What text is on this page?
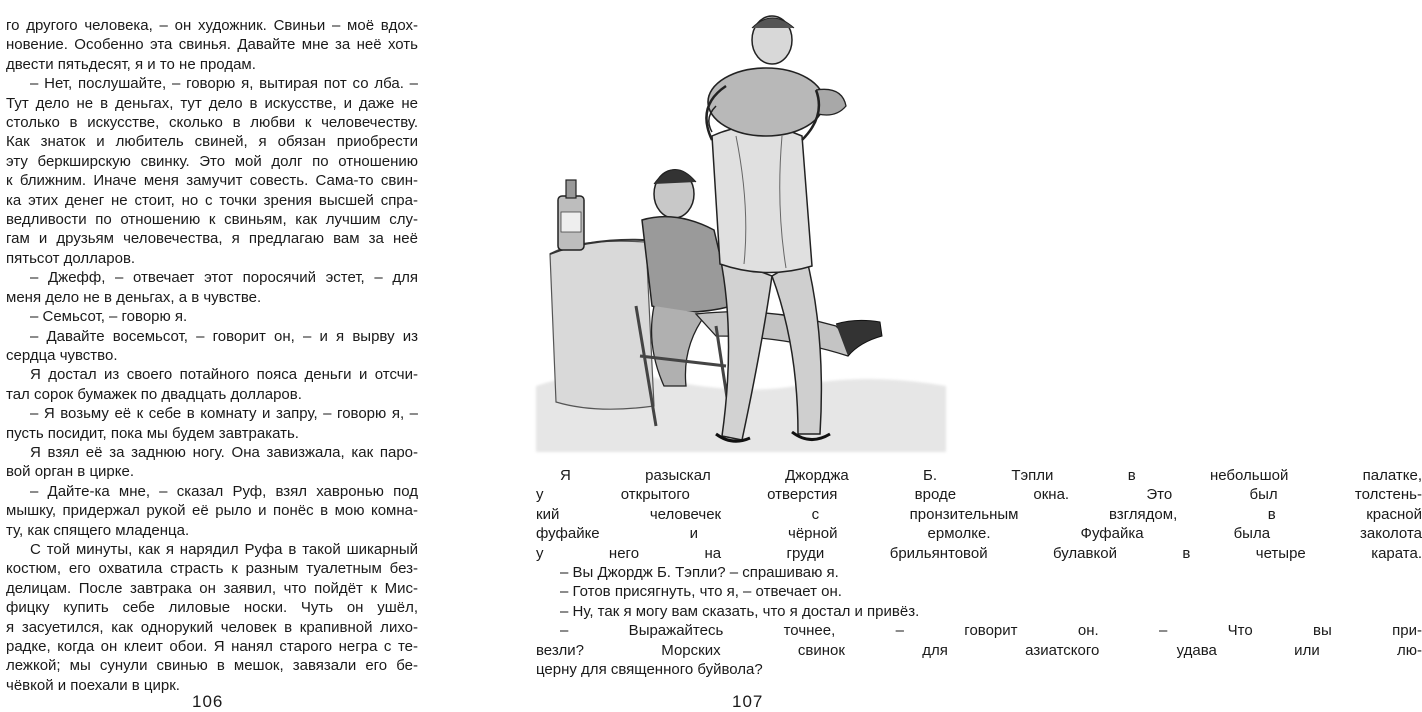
го другого человека, – он художник. Свиньи – моё вдох-
новение. Особенно эта свинья. Давайте мне за неё хоть
двести пятьдесят, я и то не продам.
– Нет, послушайте, – говорю я, вытирая пот со лба. –
Тут дело не в деньгах, тут дело в искусстве, и даже не
столько в искусстве, сколько в любви к человечеству.
Как знаток и любитель свиней, я обязан приобрести
эту беркширскую свинку. Это мой долг по отношению
к ближним. Иначе меня замучит совесть. Сама-то свин-
ка этих денег не стоит, но с точки зрения высшей спра-
ведливости по отношению к свиньям, как лучшим слу-
гам и друзьям человечества, я предлагаю вам за неё
пятьсот долларов.
– Джефф, – отвечает этот поросячий эстет, – для
меня дело не в деньгах, а в чувстве.
– Семьсот, – говорю я.
– Давайте восемьсот, – говорит он, – и я вырву из
сердца чувство.
Я достал из своего потайного пояса деньги и отсчи-
тал сорок бумажек по двадцать долларов.
– Я возьму её к себе в комнату и запру, – говорю я, –
пусть посидит, пока мы будем завтракать.
Я взял её за заднюю ногу. Она завизжала, как паро-
вой орган в цирке.
– Дайте-ка мне, – сказал Руф, взял хавронью под
мышку, придержал рукой её рыло и понёс в мою комна-
ту, как спящего младенца.
С той минуты, как я нарядил Руфа в такой шикарный
костюм, его охватила страсть к разным туалетным без-
делицам. После завтрака он заявил, что пойдёт к Мис-
фицку купить себе лиловые носки. Чуть он ушёл,
я засуетился, как однорукий человек в крапивной лихо-
радке, когда он клеит обои. Я нанял старого негра с те-
лежкой; мы сунули свинью в мешок, завязали его бе-
чёвкой и поехали в цирк.
106
Я разыскал Джорджа Б. Тэпли в небольшой палатке,
у открытого отверстия вроде окна. Это был толстень-
кий человечек с пронзительным взглядом, в красной
фуфайке и чёрной ермолке. Фуфайка была заколота
у него на груди брильянтовой булавкой в четыре карата.
– Вы Джордж Б. Тэпли? – спрашиваю я.
– Готов присягнуть, что я, – отвечает он.
– Ну, так я могу вам сказать, что я достал и привёз.
– Выражайтесь точнее, – говорит он. – Что вы при-
везли? Морских свинок для азиатского удава или лю-
церну для священного буйвола?
107
